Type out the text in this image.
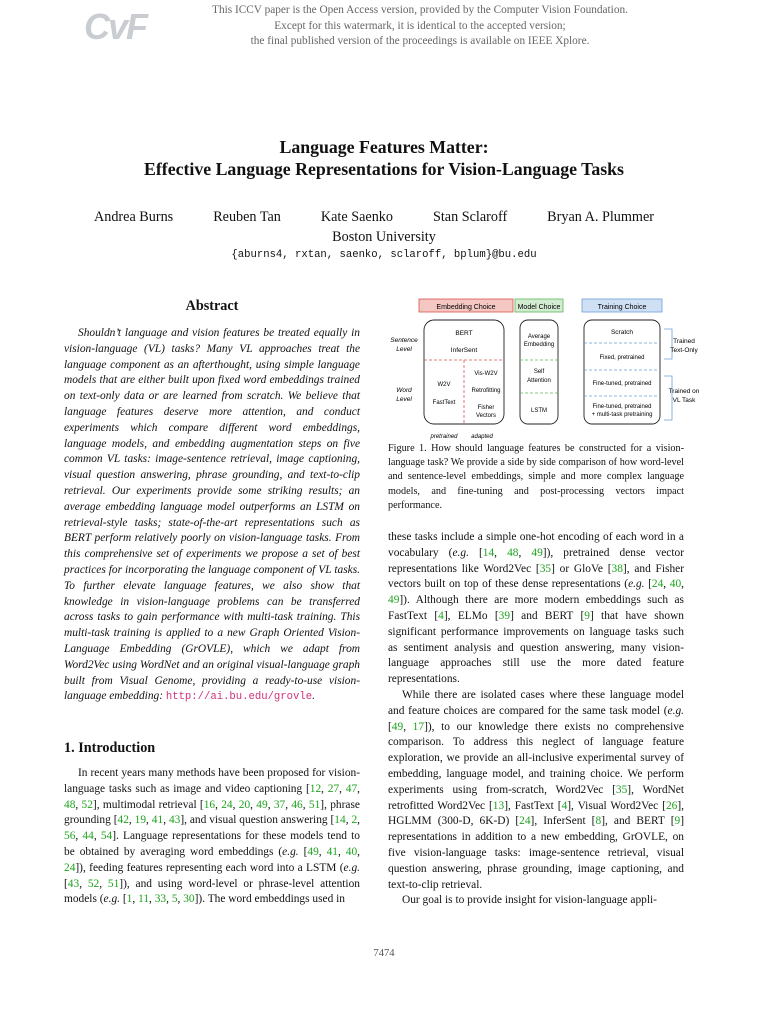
CvF	This ICCV paper is the Open Access version, provided by the Computer Vision Foundation.
Except for this watermark, it is identical to the accepted version;
the final published version of the proceedings is available on IEEE Xplore.
Language Features Matter:
Effective Language Representations for Vision-Language Tasks
Andrea Burns	Reuben Tan	Kate Saenko	Stan Sclaroff	Bryan A. Plummer
Boston University
{aburns4, rxtan, saenko, sclaroff, bplum}@bu.edu
Abstract
Shouldn’t language and vision features be treated equally in vision-language (VL) tasks? Many VL approaches treat the language component as an afterthought, using simple language models that are either built upon fixed word embeddings trained on text-only data or are learned from scratch. We believe that language features deserve more attention, and conduct experiments which compare different word embeddings, language models, and embedding augmentation steps on five common VL tasks: image-sentence retrieval, image captioning, visual question answering, phrase grounding, and text-to-clip retrieval. Our experiments provide some striking results; an average embedding language model outperforms an LSTM on retrieval-style tasks; state-of-the-art representations such as BERT perform relatively poorly on vision-language tasks. From this comprehensive set of experiments we propose a set of best practices for incorporating the language component of VL tasks. To further elevate language features, we also show that knowledge in vision-language problems can be transferred across tasks to gain performance with multi-task training. This multi-task training is applied to a new Graph Oriented Vision-Language Embedding (GrOVLE), which we adapt from Word2Vec using WordNet and an original visual-language graph built from Visual Genome, providing a ready-to-use vision-language embedding: http://ai.bu.edu/grovle.
1. Introduction
In recent years many methods have been proposed for vision-language tasks such as image and video captioning [12, 27, 47, 48, 52], multimodal retrieval [16, 24, 20, 49, 37, 46, 51], phrase grounding [42, 19, 41, 43], and visual question answering [14, 2, 56, 44, 54]. Language representations for these models tend to be obtained by averaging word embeddings (e.g. [49, 41, 40, 24]), feeding features representing each word into a LSTM (e.g. [43, 52, 51]), and using word-level or phrase-level attention models (e.g. [1, 11, 33, 5, 30]). The word embeddings used in
Embedding Choice	Model Choice	Training Choice
Sentence
Level
Word
Level
BERT
InferSent
Vis-W2V
W2V
Retrofitting
FastText
Fisher
Vectors
Average
Embedding
Self
Attention
LSTM
Scratch
Fixed, pretrained
Fine-tuned, pretrained
Fine-tuned, pretrained
+ multi-task pretraining
Trained
Text-Only
Trained on
VL Task
pretrained adapted
Figure 1. How should language features be constructed for a vision-language task? We provide a side by side comparison of how word-level and sentence-level embeddings, simple and more complex language models, and fine-tuning and post-processing vectors impact performance.

these tasks include a simple one-hot encoding of each word in a vocabulary (e.g. [14, 48, 49]), pretrained dense vector representations like Word2Vec [35] or GloVe [38], and Fisher vectors built on top of these dense representations (e.g. [24, 40, 49]). Although there are more modern embeddings such as FastText [4], ELMo [39] and BERT [9] that have shown significant performance improvements on language tasks such as sentiment analysis and question answering, many vision-language approaches still use the more dated feature representations.

While there are isolated cases where these language model and feature choices are compared for the same task model (e.g. [49, 17]), to our knowledge there exists no comprehensive comparison. To address this neglect of language feature exploration, we provide an all-inclusive experimental survey of embedding, language model, and training choice. We perform experiments using from-scratch, Word2Vec [35], WordNet retrofitted Word2Vec [13], FastText [4], Visual Word2Vec [26], HGLMM (300-D, 6K-D) [24], InferSent [8], and BERT [9] representations in addition to a new embedding, GrOVLE, on five vision-language tasks: image-sentence retrieval, visual question answering, phrase grounding, image captioning, and text-to-clip retrieval.

Our goal is to provide insight for vision-language appli-

7474
